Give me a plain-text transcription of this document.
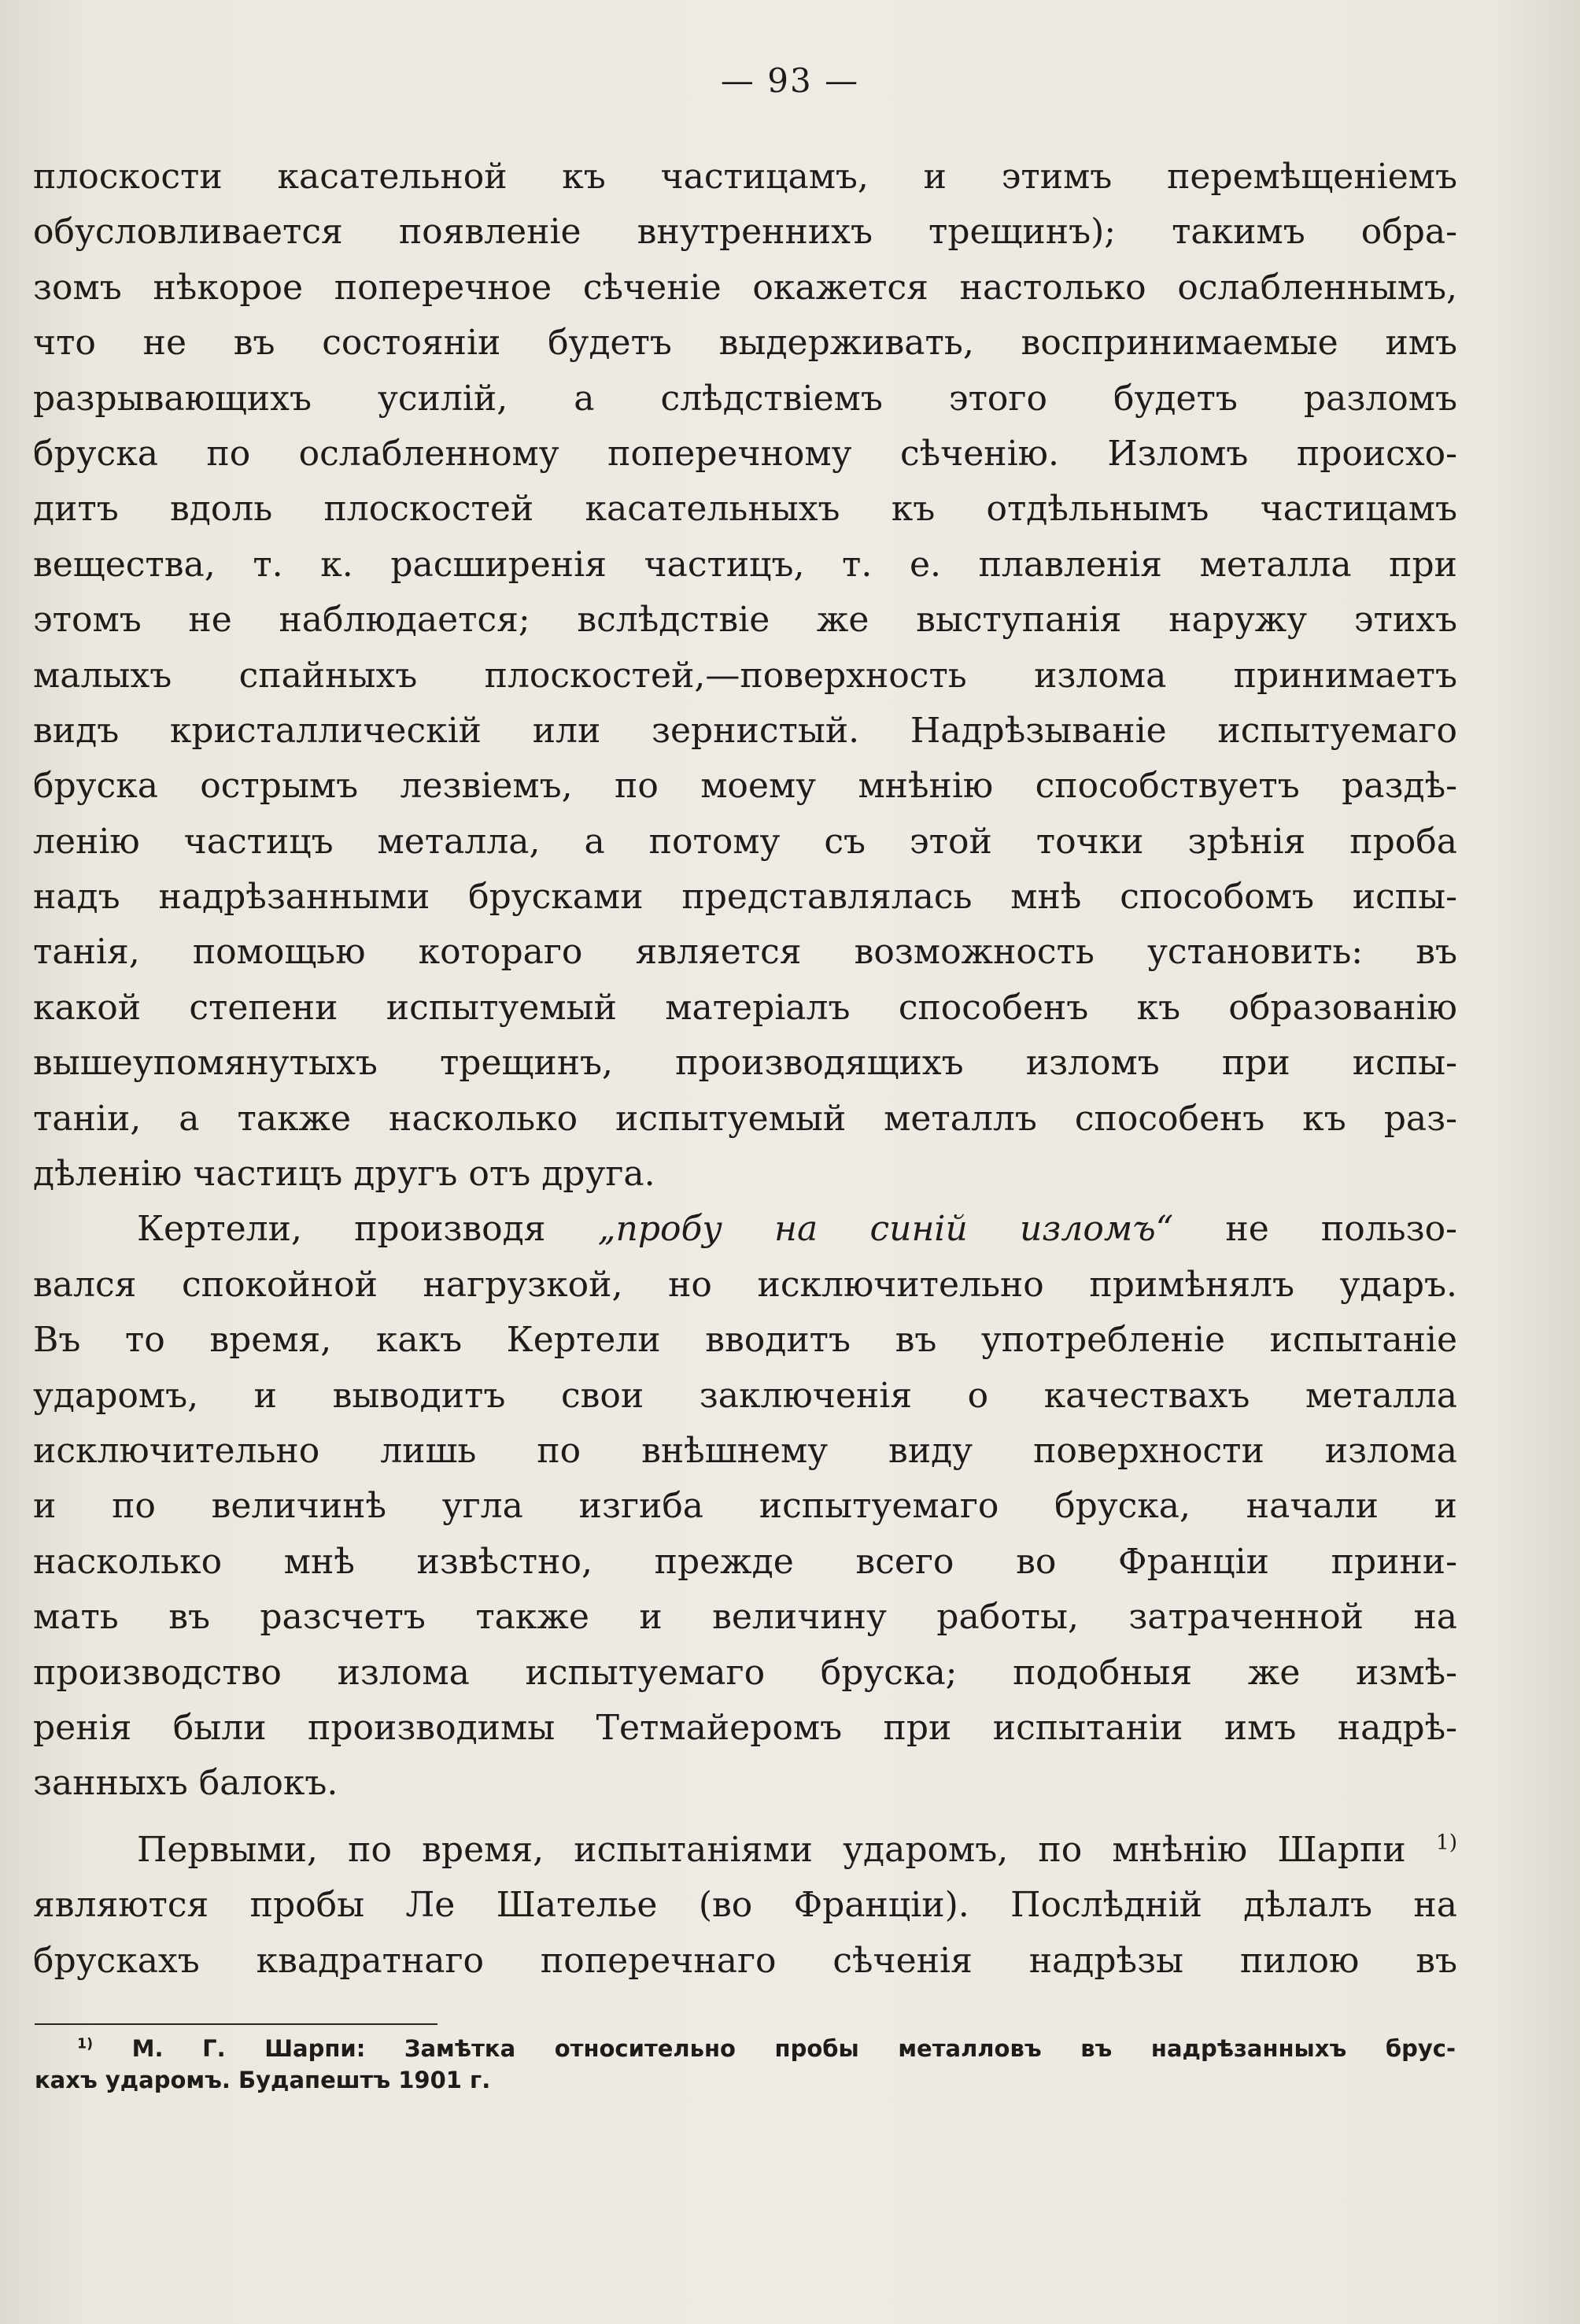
— 93 —
плоскости касательной къ частицамъ, и этимъ перемѣщеніемъ
обусловливается появленіе внутреннихъ трещинъ); такимъ обра-
зомъ нѣкорое поперечное сѣченіе окажется настолько ослабленнымъ,
что не въ состояніи будетъ выдерживать, воспринимаемые имъ
разрывающихъ усилій, а слѣдствіемъ этого будетъ разломъ
бруска по ослабленному поперечному сѣченію. Изломъ происхо-
дитъ вдоль плоскостей касательныхъ къ отдѣльнымъ частицамъ
вещества, т. к. расширенія частицъ, т. е. плавленія металла при
этомъ не наблюдается; вслѣдствіе же выступанія наружу этихъ
малыхъ спайныхъ плоскостей,—поверхность излома принимаетъ
видъ кристаллическій или зернистый. Надрѣзываніе испытуемаго
бруска острымъ лезвіемъ, по моему мнѣнію способствуетъ раздѣ-
ленію частицъ металла, а потому съ этой точки зрѣнія проба
надъ надрѣзанными брусками представлялась мнѣ способомъ испы-
танія, помощью котораго является возможность установить: въ
какой степени испытуемый матеріалъ способенъ къ образованію
вышеупомянутыхъ трещинъ, производящихъ изломъ при испы-
таніи, а также насколько испытуемый металлъ способенъ къ раз-
дѣленію частицъ другъ отъ друга.
Кертели, производя „пробу на синій изломъ“ не пользо-
вался спокойной нагрузкой, но исключительно примѣнялъ ударъ.
Въ то время, какъ Кертели вводитъ въ употребленіе испытаніе
ударомъ, и выводитъ свои заключенія о качествахъ металла
исключительно лишь по внѣшнему виду поверхности излома
и по величинѣ угла изгиба испытуемаго бруска, начали и
насколько мнѣ извѣстно, прежде всего во Франціи прини-
мать въ разсчетъ также и величину работы, затраченной на
производство излома испытуемаго бруска; подобныя же измѣ-
ренія были производимы Тетмайеромъ при испытаніи имъ надрѣ-
занныхъ балокъ.
Первыми, по время, испытаніями ударомъ, по мнѣнію Шарпи $^{1)}$
являются пробы Ле Шателье (во Франціи). Послѣдній дѣлалъ на
брускахъ квадратнаго поперечнаго сѣченія надрѣзы пилою въ
$^{1)}$ М. Г. Шарпи: Замѣтка относительно пробы металловъ въ надрѣзанныхъ брус-
кахъ ударомъ. Будапештъ 1901 г.
